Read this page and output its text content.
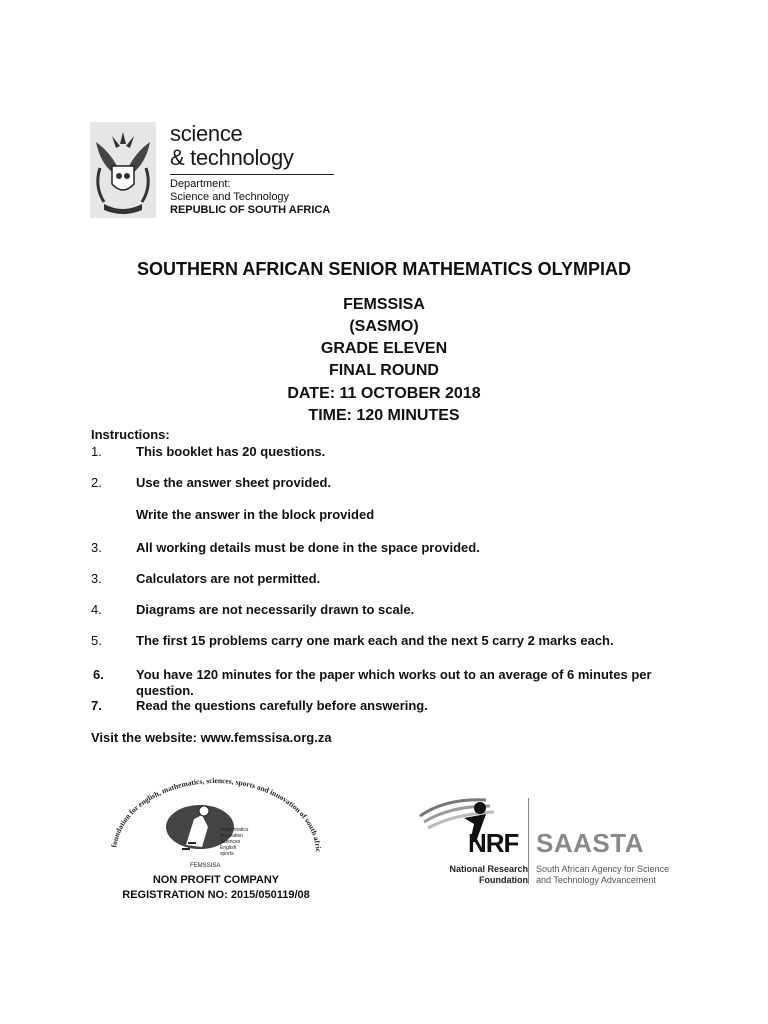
science
& technology
Department:
Science and Technology
REPUBLIC OF SOUTH AFRICA
SOUTHERN AFRICAN SENIOR MATHEMATICS OLYMPIAD
FEMSSISA
(SASMO)
GRADE ELEVEN
FINAL ROUND
DATE: 11 OCTOBER 2018
TIME: 120 MINUTES
Instructions:
1.	This booklet has 20 questions.
2.	Use the answer sheet provided.
Write the answer in the block provided
3.	All working details must be done in the space provided.
3.	Calculators are not permitted.
4.	Diagrams are not necessarily drawn to scale.
5.	The first 15 problems carry one mark each and the next 5 carry 2 marks each.
6. You have 120 minutes for the paper which works out to an average of 6 minutes per question.
7.	Read the questions carefully before answering.
Visit the website: www.femssisa.org.za
foundation for english, mathematics, sciences, sports and innovation of south afric
mathematics
Innovation
Sciences
English
sports
FEMSSISA
NON PROFIT COMPANY
REGISTRATION NO: 2015/050119/08
NRF
National Research
Foundation
SAASTA
South African Agency for Science
and Technology Advancement
